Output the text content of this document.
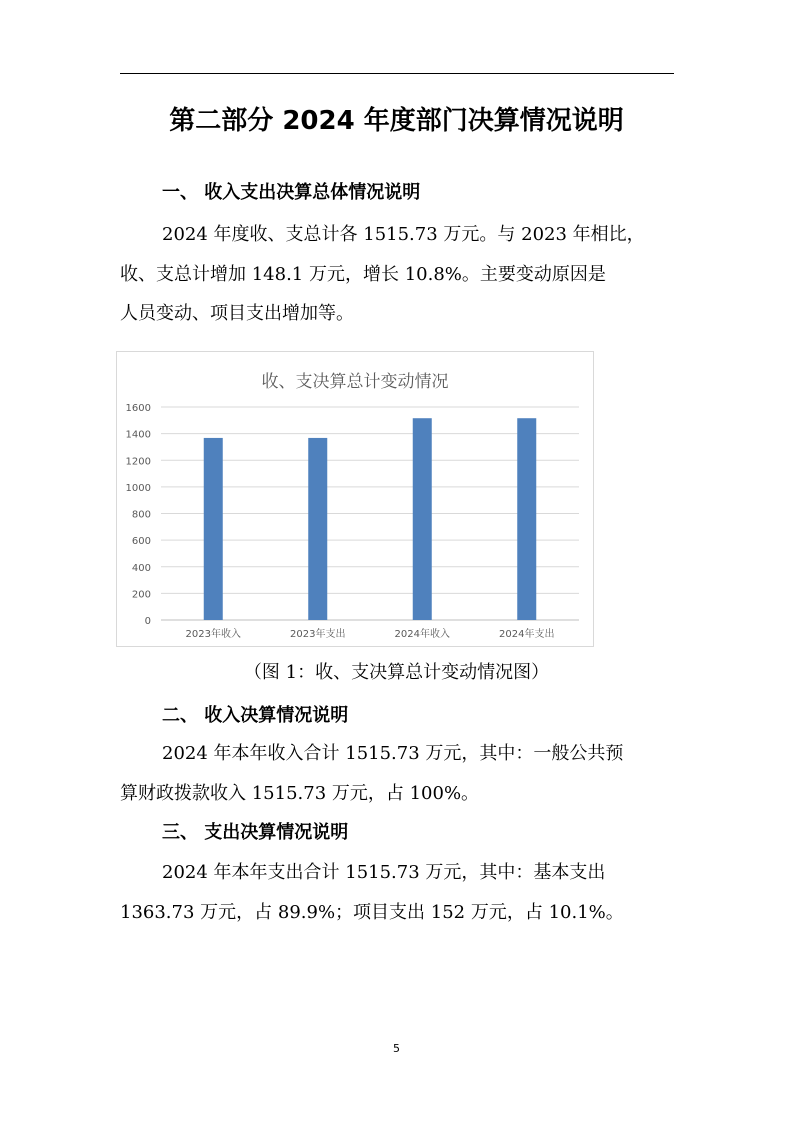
第二部分 2024 年度部门决算情况说明
一、 收入支出决算总体情况说明

2024 年度收、支总计各 1515.73 万元。与 2023 年相比，

收、支总计增加 148.1 万元，增长 10.8%。主要变动原因是

人员变动、项目支出增加等。

收、支决算总计变动情况
0
200
400
600
800
1000
1200
1400
1600
2023年收入	2023年支出	2024年收入	2024年支出

（图 1：收、支决算总计变动情况图）

二、 收入决算情况说明

2024 年本年收入合计 1515.73 万元，其中：一般公共预

算财政拨款收入 1515.73 万元，占 100%。

三、 支出决算情况说明

2024 年本年支出合计 1515.73 万元，其中：基本支出

1363.73 万元，占 89.9%；项目支出 152 万元，占 10.1%。

5
